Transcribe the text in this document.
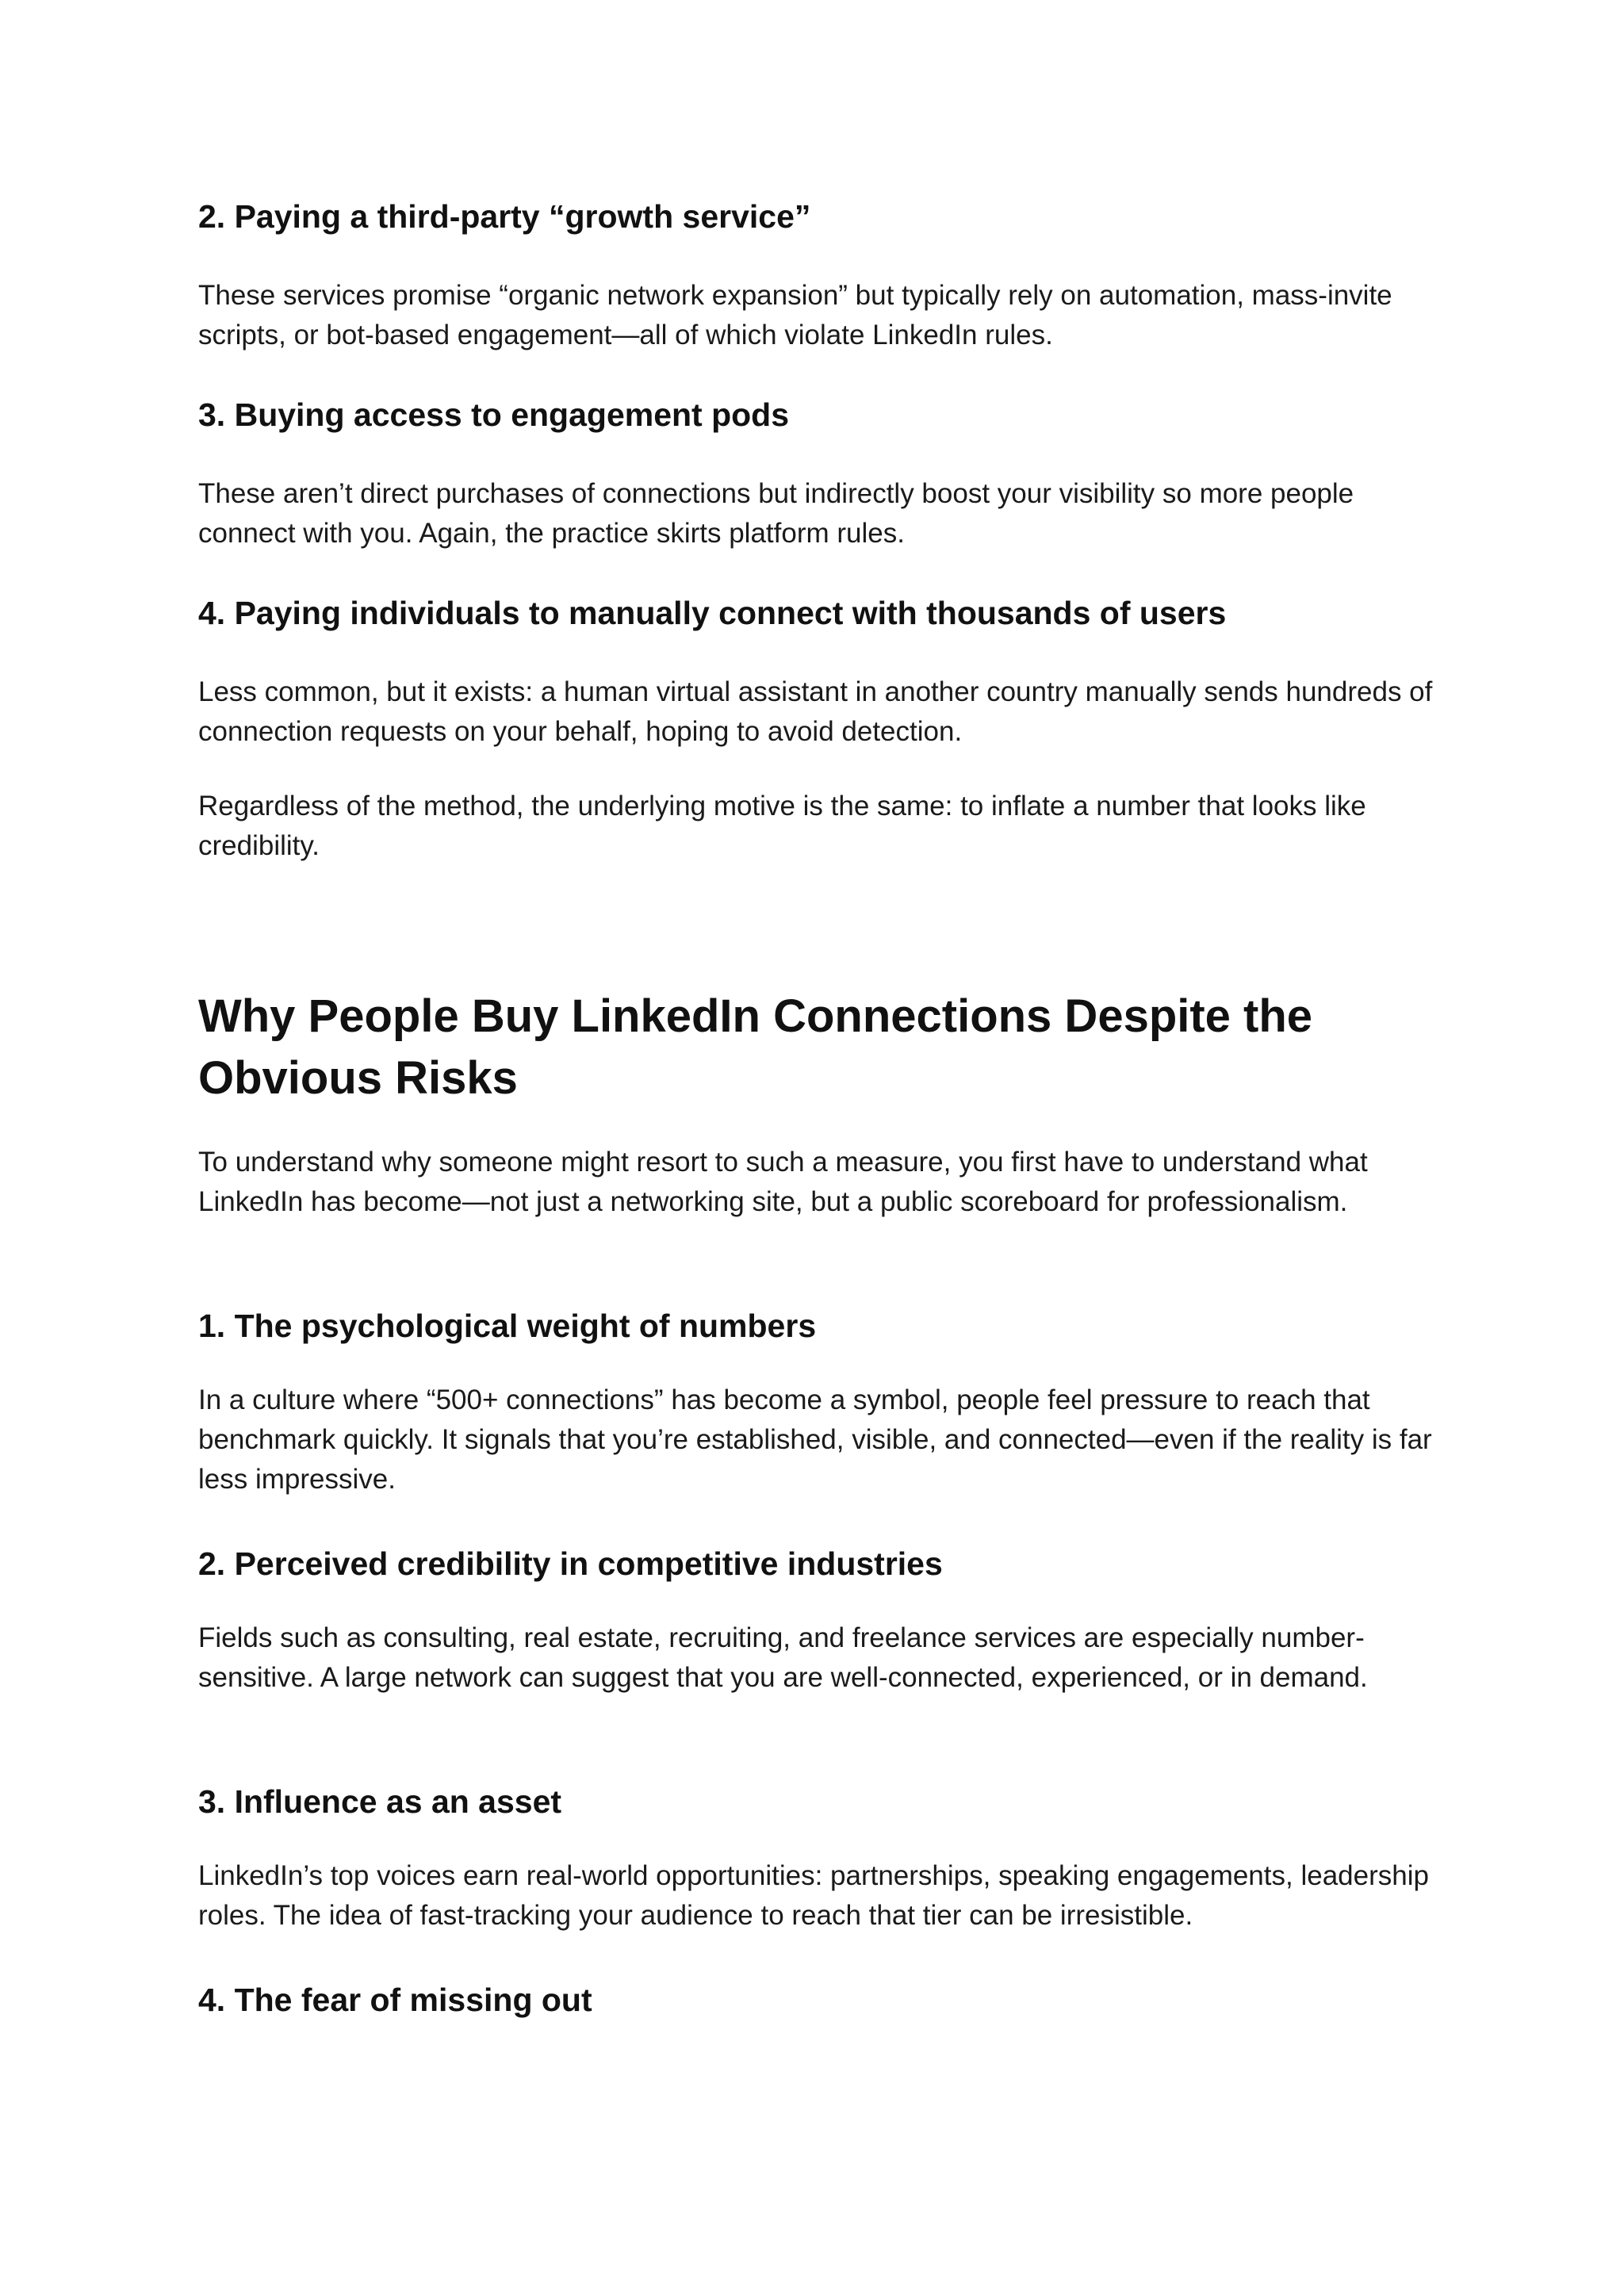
2. Paying a third-party “growth service”

These services promise “organic network expansion” but typically rely on automation, mass-invite scripts, or bot-based engagement—all of which violate LinkedIn rules.

3. Buying access to engagement pods

These aren’t direct purchases of connections but indirectly boost your visibility so more people connect with you. Again, the practice skirts platform rules.

4. Paying individuals to manually connect with thousands of users

Less common, but it exists: a human virtual assistant in another country manually sends hundreds of connection requests on your behalf, hoping to avoid detection.

Regardless of the method, the underlying motive is the same: to inflate a number that looks like credibility.

Why People Buy LinkedIn Connections Despite the Obvious Risks

To understand why someone might resort to such a measure, you first have to understand what LinkedIn has become—not just a networking site, but a public scoreboard for professionalism.

1. The psychological weight of numbers

In a culture where “500+ connections” has become a symbol, people feel pressure to reach that benchmark quickly. It signals that you’re established, visible, and connected—even if the reality is far less impressive.

2. Perceived credibility in competitive industries

Fields such as consulting, real estate, recruiting, and freelance services are especially number-sensitive. A large network can suggest that you are well-connected, experienced, or in demand.

3. Influence as an asset

LinkedIn’s top voices earn real-world opportunities: partnerships, speaking engagements, leadership roles. The idea of fast-tracking your audience to reach that tier can be irresistible.

4. The fear of missing out
